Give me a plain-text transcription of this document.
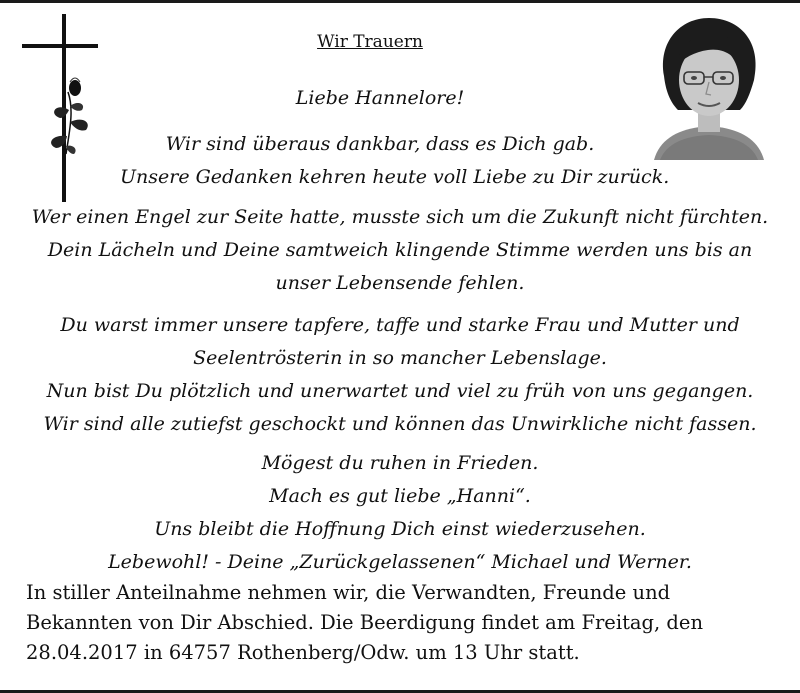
Wir Trauern
Liebe Hannelore!
Wir sind überaus dankbar, dass es Dich gab.
Unsere Gedanken kehren heute voll Liebe zu Dir zurück.
Wer einen Engel zur Seite hatte, musste sich um die Zukunft nicht fürchten.
Dein Lächeln und Deine samtweich klingende Stimme werden uns bis an
unser Lebensende fehlen.
Du warst immer unsere tapfere, taffe und starke Frau und Mutter und
Seelentrösterin in so mancher Lebenslage.
Nun bist Du plötzlich und unerwartet und viel zu früh von uns gegangen.
Wir sind alle zutiefst geschockt und können das Unwirkliche nicht fassen.
Mögest du ruhen in Frieden.
Mach es gut liebe „Hanni“.
Uns bleibt die Hoffnung Dich einst wiederzusehen.
Lebewohl! - Deine „Zurückgelassenen“ Michael und Werner.
In stiller Anteilnahme nehmen wir, die Verwandten, Freunde und
Bekannten von Dir Abschied. Die Beerdigung findet am Freitag, den
28.04.2017 in 64757 Rothenberg/Odw. um 13 Uhr statt.
